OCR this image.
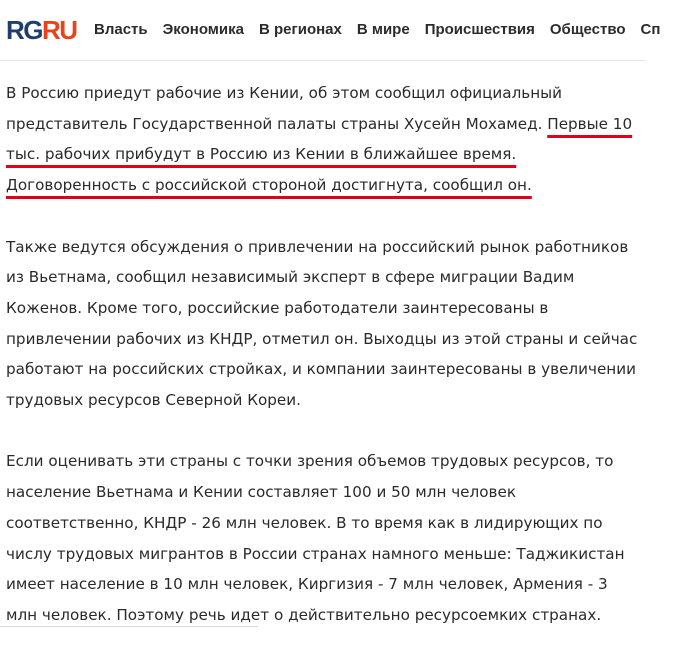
RGRU Власть Экономика В регионах В мире Происшествия Общество Сп

В Россию приедут рабочие из Кении, об этом сообщил официальный представитель Государственной палаты страны Хусейн Мохамед. Первые 10 тыс. рабочих прибудут в Россию из Кении в ближайшее время. Договоренность с российской стороной достигнута, сообщил он.

Также ведутся обсуждения о привлечении на российский рынок работников из Вьетнама, сообщил независимый эксперт в сфере миграции Вадим Коженов. Кроме того, российские работодатели заинтересованы в привлечении рабочих из КНДР, отметил он. Выходцы из этой страны и сейчас работают на российских стройках, и компании заинтересованы в увеличении трудовых ресурсов Северной Кореи.

Если оценивать эти страны с точки зрения объемов трудовых ресурсов, то население Вьетнама и Кении составляет 100 и 50 млн человек соответственно, КНДР - 26 млн человек. В то время как в лидирующих по числу трудовых мигрантов в России странах намного меньше: Таджикистан имеет население в 10 млн человек, Киргизия - 7 млн человек, Армения - 3 млн человек. Поэтому речь идет о действительно ресурсоемких странах.
